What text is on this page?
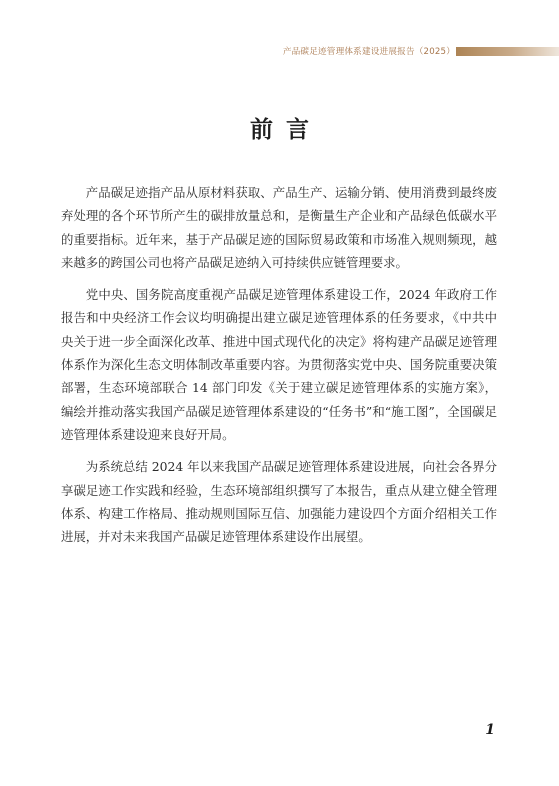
产品碳足迹管理体系建设进展报告（2025）
前言

产品碳足迹指产品从原材料获取、产品生产、运输分销、使用消费到最终废弃处理的各个环节所产生的碳排放量总和，是衡量生产企业和产品绿色低碳水平的重要指标。近年来，基于产品碳足迹的国际贸易政策和市场准入规则频现，越来越多的跨国公司也将产品碳足迹纳入可持续供应链管理要求。

党中央、国务院高度重视产品碳足迹管理体系建设工作，2024 年政府工作报告和中央经济工作会议均明确提出建立碳足迹管理体系的任务要求，《中共中央关于进一步全面深化改革、推进中国式现代化的决定》将构建产品碳足迹管理体系作为深化生态文明体制改革重要内容。为贯彻落实党中央、国务院重要决策部署，生态环境部联合 14 部门印发《关于建立碳足迹管理体系的实施方案》，编绘并推动落实我国产品碳足迹管理体系建设的“任务书”和“施工图”，全国碳足迹管理体系建设迎来良好开局。

为系统总结 2024 年以来我国产品碳足迹管理体系建设进展，向社会各界分享碳足迹工作实践和经验，生态环境部组织撰写了本报告，重点从建立健全管理体系、构建工作格局、推动规则国际互信、加强能力建设四个方面介绍相关工作进展，并对未来我国产品碳足迹管理体系建设作出展望。

1
